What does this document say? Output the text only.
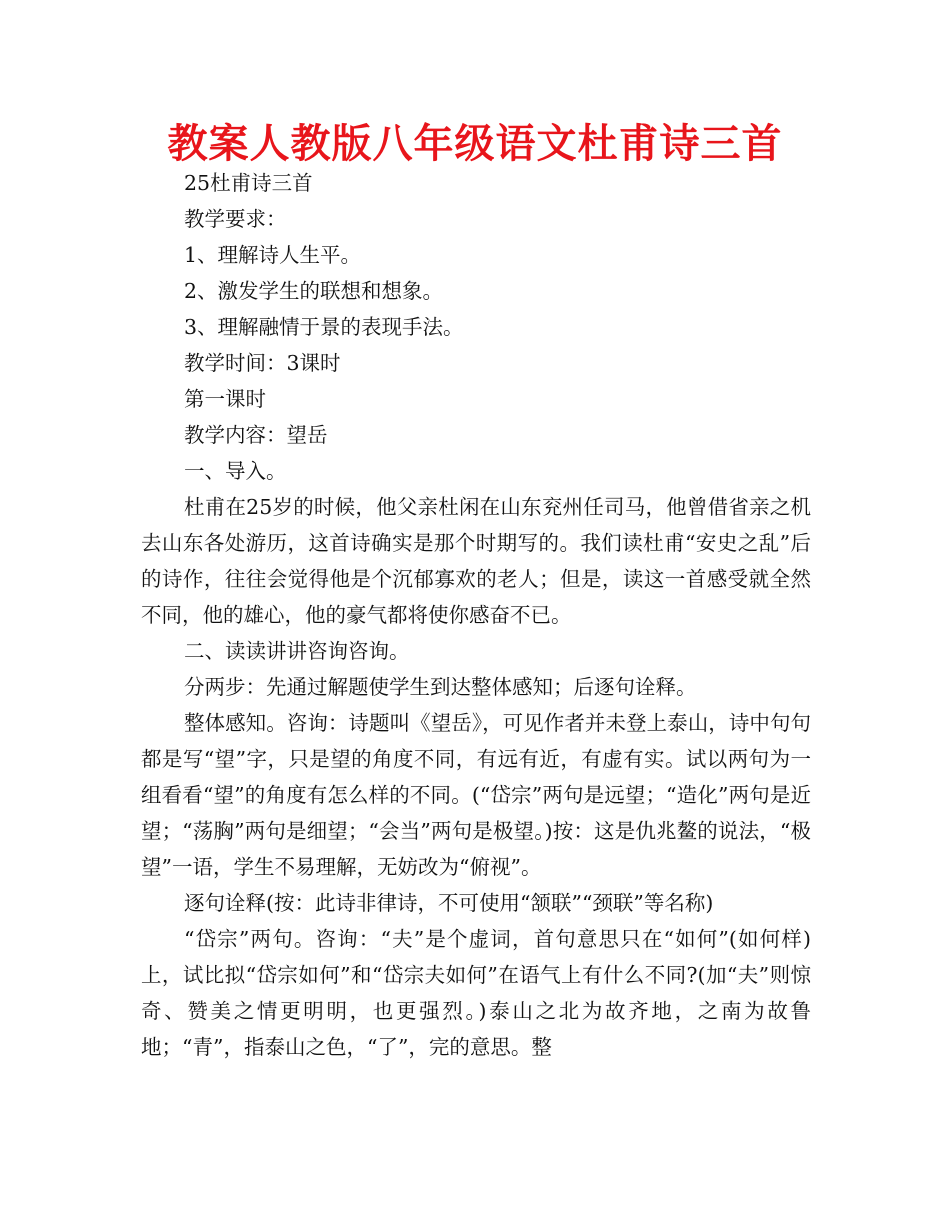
教案人教版八年级语文杜甫诗三首

25杜甫诗三首

教学要求：

1、理解诗人生平。

2、激发学生的联想和想象。

3、理解融情于景的表现手法。

教学时间：3课时

第一课时

教学内容：望岳

一、导入。

杜甫在25岁的时候，他父亲杜闲在山东兖州任司马，他曾借省亲之机去山东各处游历，这首诗确实是那个时期写的。我们读杜甫“安史之乱”后的诗作，往往会觉得他是个沉郁寡欢的老人；但是，读这一首感受就全然不同，他的雄心，他的豪气都将使你感奋不已。

二、读读讲讲咨询咨询。

分两步：先通过解题使学生到达整体感知；后逐句诠释。

整体感知。咨询：诗题叫《望岳》，可见作者并未登上泰山，诗中句句都是写“望”字，只是望的角度不同，有远有近，有虚有实。试以两句为一组看看“望”的角度有怎么样的不同。(“岱宗”两句是远望；“造化”两句是近望；“荡胸”两句是细望；“会当”两句是极望。)按：这是仇兆鳌的说法，“极望”一语，学生不易理解，无妨改为“俯视”。

逐句诠释(按：此诗非律诗，不可使用“颔联”“颈联”等名称)

“岱宗”两句。咨询：“夫”是个虚词，首句意思只在“如何”(如何样)上，试比拟“岱宗如何”和“岱宗夫如何”在语气上有什么不同?(加“夫”则惊奇、赞美之情更明明，也更强烈。)泰山之北为故齐地，之南为故鲁地；“青”，指泰山之色，“了”，完的意思。整
